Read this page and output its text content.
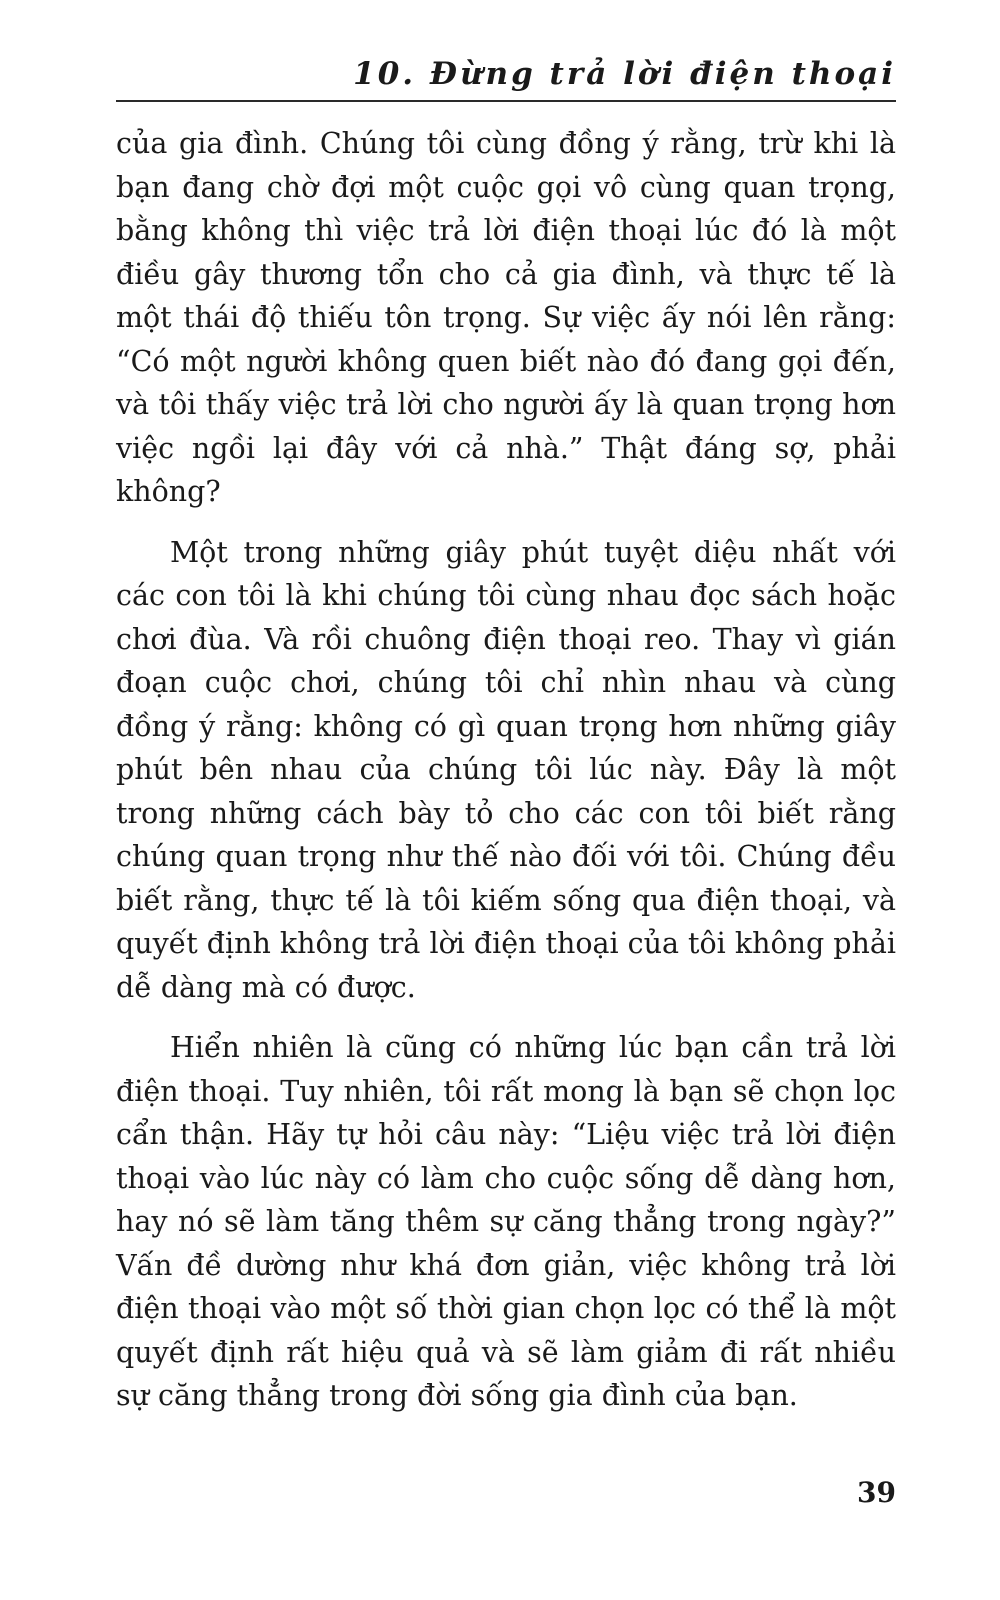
10. Đừng trả lời điện thoại

của gia đình. Chúng tôi cùng đồng ý rằng, trừ khi là bạn đang chờ đợi một cuộc gọi vô cùng quan trọng, bằng không thì việc trả lời điện thoại lúc đó là một điều gây thương tổn cho cả gia đình, và thực tế là một thái độ thiếu tôn trọng. Sự việc ấy nói lên rằng: “Có một người không quen biết nào đó đang gọi đến, và tôi thấy việc trả lời cho người ấy là quan trọng hơn việc ngồi lại đây với cả nhà.” Thật đáng sợ, phải không?

Một trong những giây phút tuyệt diệu nhất với các con tôi là khi chúng tôi cùng nhau đọc sách hoặc chơi đùa. Và rồi chuông điện thoại reo. Thay vì gián đoạn cuộc chơi, chúng tôi chỉ nhìn nhau và cùng đồng ý rằng: không có gì quan trọng hơn những giây phút bên nhau của chúng tôi lúc này. Đây là một trong những cách bày tỏ cho các con tôi biết rằng chúng quan trọng như thế nào đối với tôi. Chúng đều biết rằng, thực tế là tôi kiếm sống qua điện thoại, và quyết định không trả lời điện thoại của tôi không phải dễ dàng mà có được.

Hiển nhiên là cũng có những lúc bạn cần trả lời điện thoại. Tuy nhiên, tôi rất mong là bạn sẽ chọn lọc cẩn thận. Hãy tự hỏi câu này: “Liệu việc trả lời điện thoại vào lúc này có làm cho cuộc sống dễ dàng hơn, hay nó sẽ làm tăng thêm sự căng thẳng trong ngày?” Vấn đề dường như khá đơn giản, việc không trả lời điện thoại vào một số thời gian chọn lọc có thể là một quyết định rất hiệu quả và sẽ làm giảm đi rất nhiều sự căng thẳng trong đời sống gia đình của bạn.

39
